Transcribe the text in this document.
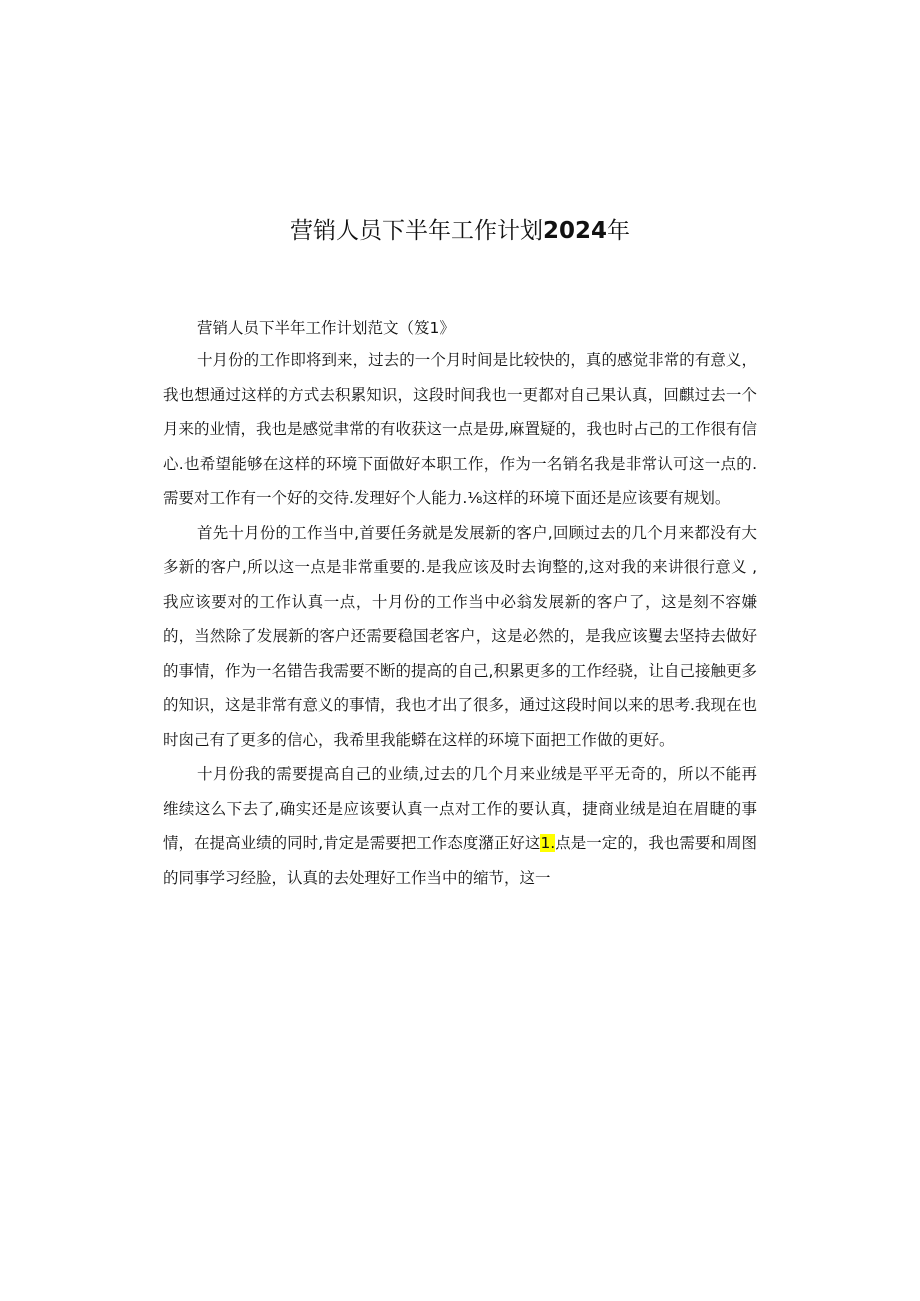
营销人员下半年工作计划2024年

营销人员下半年工作计划范文（笈1》

十月份的工作即将到来，过去的一个月时间是比较快的，真的感觉非常的有意义，我也想通过这样的方式去积累知识，这段时间我也一更都对自己果认真，回麒过去一个月来的业情，我也是感觉聿常的有收获这一点是毋,麻置疑的，我也时占己的工作很有信心.也希望能够在这样的环境下面做好本职工作，作为一名销名我是非常认可这一点的.需要对工作有一个好的交待.发理好个人能力.⅛这样的环境下面还是应该要有规划。

首先十月份的工作当中,首要任务就是发展新的客户,回顾过去的几个月来都没有大多新的客户,所以这一点是非常重要的.是我应该及时去询整的,这对我的来讲很行意义 ,我应该要对的工作认真一点，十月份的工作当中必翁发展新的客户了，这是刻不容嫌的，当然除了发展新的客户还需要稳国老客户，这是必然的，是我应该矍去坚持去做好的事情，作为一名错告我需要不断的提高的自己,积累更多的工作经骁，让自己接触更多的知识，这是非常有意义的事情，我也才出了很多，通过这段时间以来的思考.我现在也时囱己有了更多的信心，我希里我能蟒在这样的环境下面把工作做的更好。

十月份我的需要提高自己的业绩,过去的几个月来业绒是平平无奇的，所以不能再维续这么下去了,确实还是应该要认真一点对工作的要认真，捷商业绒是迫在眉睫的事情，在提高业绩的同时,肯定是需要把工作态度潴正好这1.点是一定的，我也需要和周图的同事学习经脸，认真的去处理好工作当中的缩节，这一
